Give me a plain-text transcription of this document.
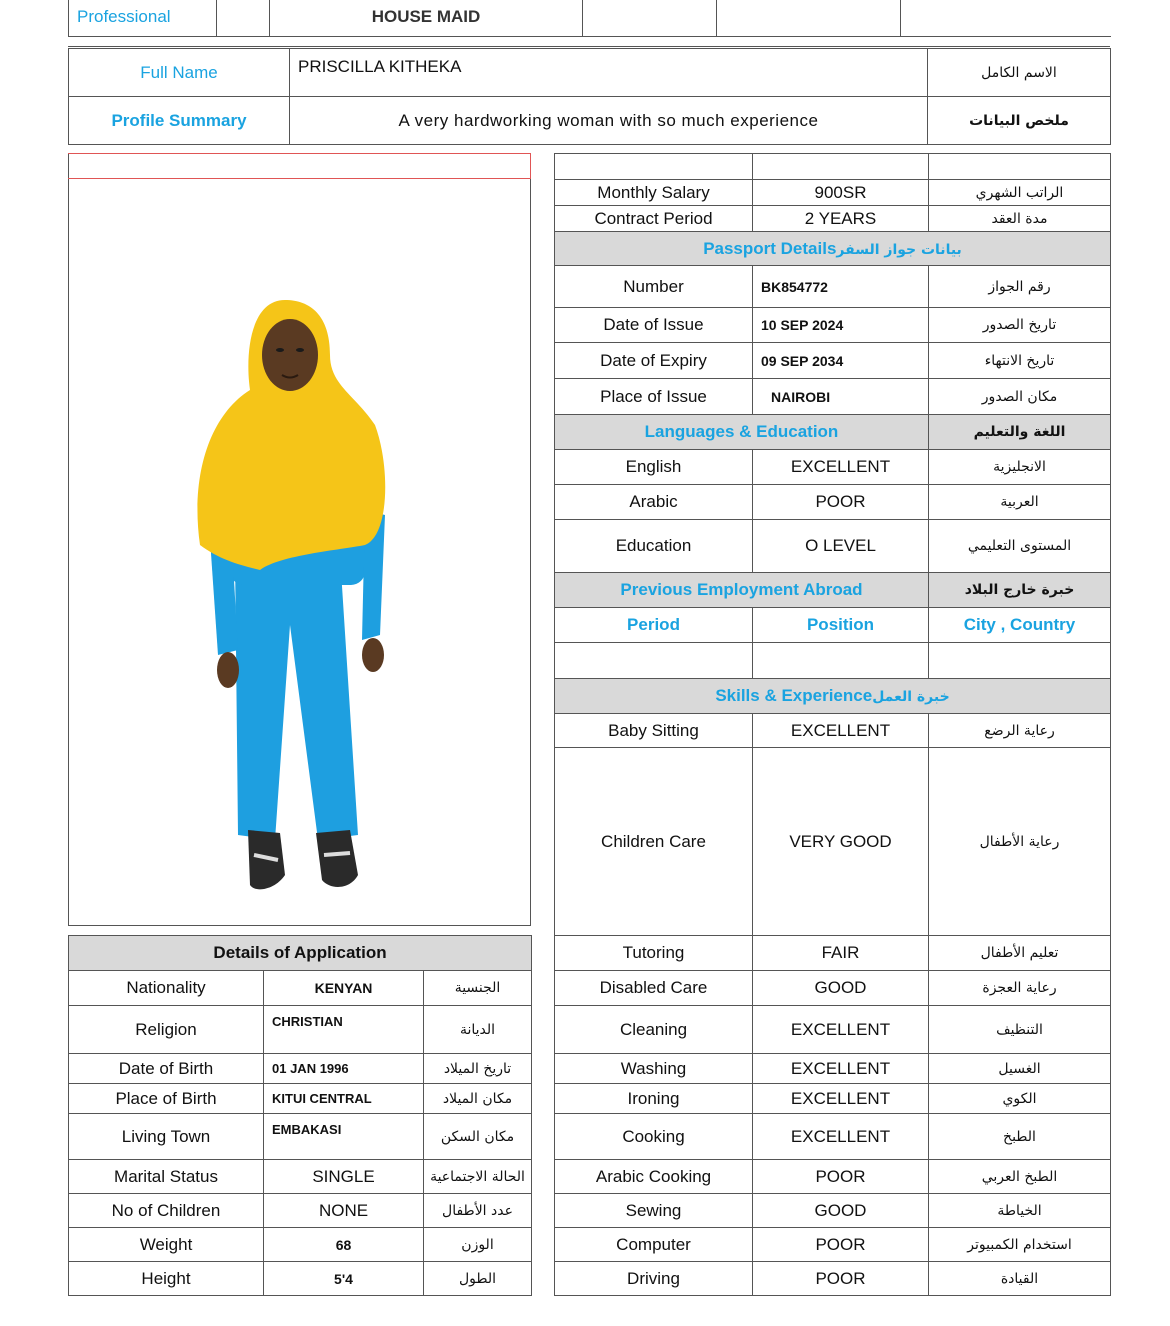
Professional		HOUSE MAID			
Full Name	PRISCILLA KITHEKA	الاسم الكامل
Profile Summary	A very hardworking woman with so much experience	ملخص البيانات

Monthly Salary	900SR	الراتب الشهري
Contract Period	2 YEARS	مدة العقد
Passport Detailsبيانات جواز السفر		
Number	BK854772	رقم الجواز
Date of Issue	10 SEP 2024	تاريخ الصدور
Date of Expiry	09 SEP 2034	تاريخ الانتهاء
Place of Issue	NAIROBI	مكان الصدور
Languages & Education		اللغة والتعليم
English	EXCELLENT	الانجليزية
Arabic	POOR	العربية
Education	O LEVEL	المستوى التعليمي
Previous Employment Abroad		خبرة خارج البلاد
Period	Position	City , Country

Skills & Experienceخبرة العمل		
Baby Sitting	EXCELLENT	رعاية الرضع
Children Care	VERY GOOD	رعاية الأطفال
Tutoring	FAIR	تعليم الأطفال
Disabled Care	GOOD	رعاية العجزة
Cleaning	EXCELLENT	التنظيف
Washing	EXCELLENT	الغسيل
Ironing	EXCELLENT	الكوي
Cooking	EXCELLENT	الطبخ
Arabic Cooking	POOR	الطبخ العربي
Sewing	GOOD	الخياطة
Computer	POOR	استخدام الكمبيوتر
Driving	POOR	القيادة
Details of Application		
Nationality	KENYAN	الجنسية
Religion	CHRISTIAN	الديانة
Date of Birth	01 JAN 1996	تاريخ الميلاد
Place of Birth	KITUI CENTRAL	مكان الميلاد
Living Town	EMBAKASI	مكان السكن
Marital Status	SINGLE	الحالة الاجتماعية
No of Children	NONE	عدد الأطفال
Weight	68	الوزن
Height	5'4	الطول
